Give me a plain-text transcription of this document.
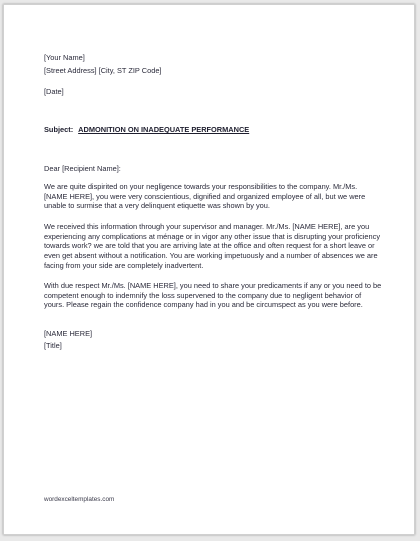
[Your Name]
[Street Address] [City, ST ZIP Code]
[Date]
Subject: ADMONITION ON INADEQUATE PERFORMANCE
Dear [Recipient Name]:
We are quite dispirited on your negligence towards your responsibilities to the company. Mr./Ms.
[NAME HERE], you were very conscientious, dignified and organized employee of all, but we were
unable to surmise that a very delinquent etiquette was shown by you.
We received this information through your supervisor and manager. Mr./Ms. [NAME HERE], are you
experiencing any complications at ménage or in vigor any other issue that is disrupting your proficiency
towards work? we are told that you are arriving late at the office and often request for a short leave or
even get absent without a notification. You are working impetuously and a number of absences we are
facing from your side are completely inadvertent.
With due respect Mr./Ms. [NAME HERE], you need to share your predicaments if any or you need to be
competent enough to indemnify the loss supervened to the company due to negligent behavior of
yours. Please regain the confidence company had in you and be circumspect as you were before.
[NAME HERE]
[Title]
wordexceltemplates.com
